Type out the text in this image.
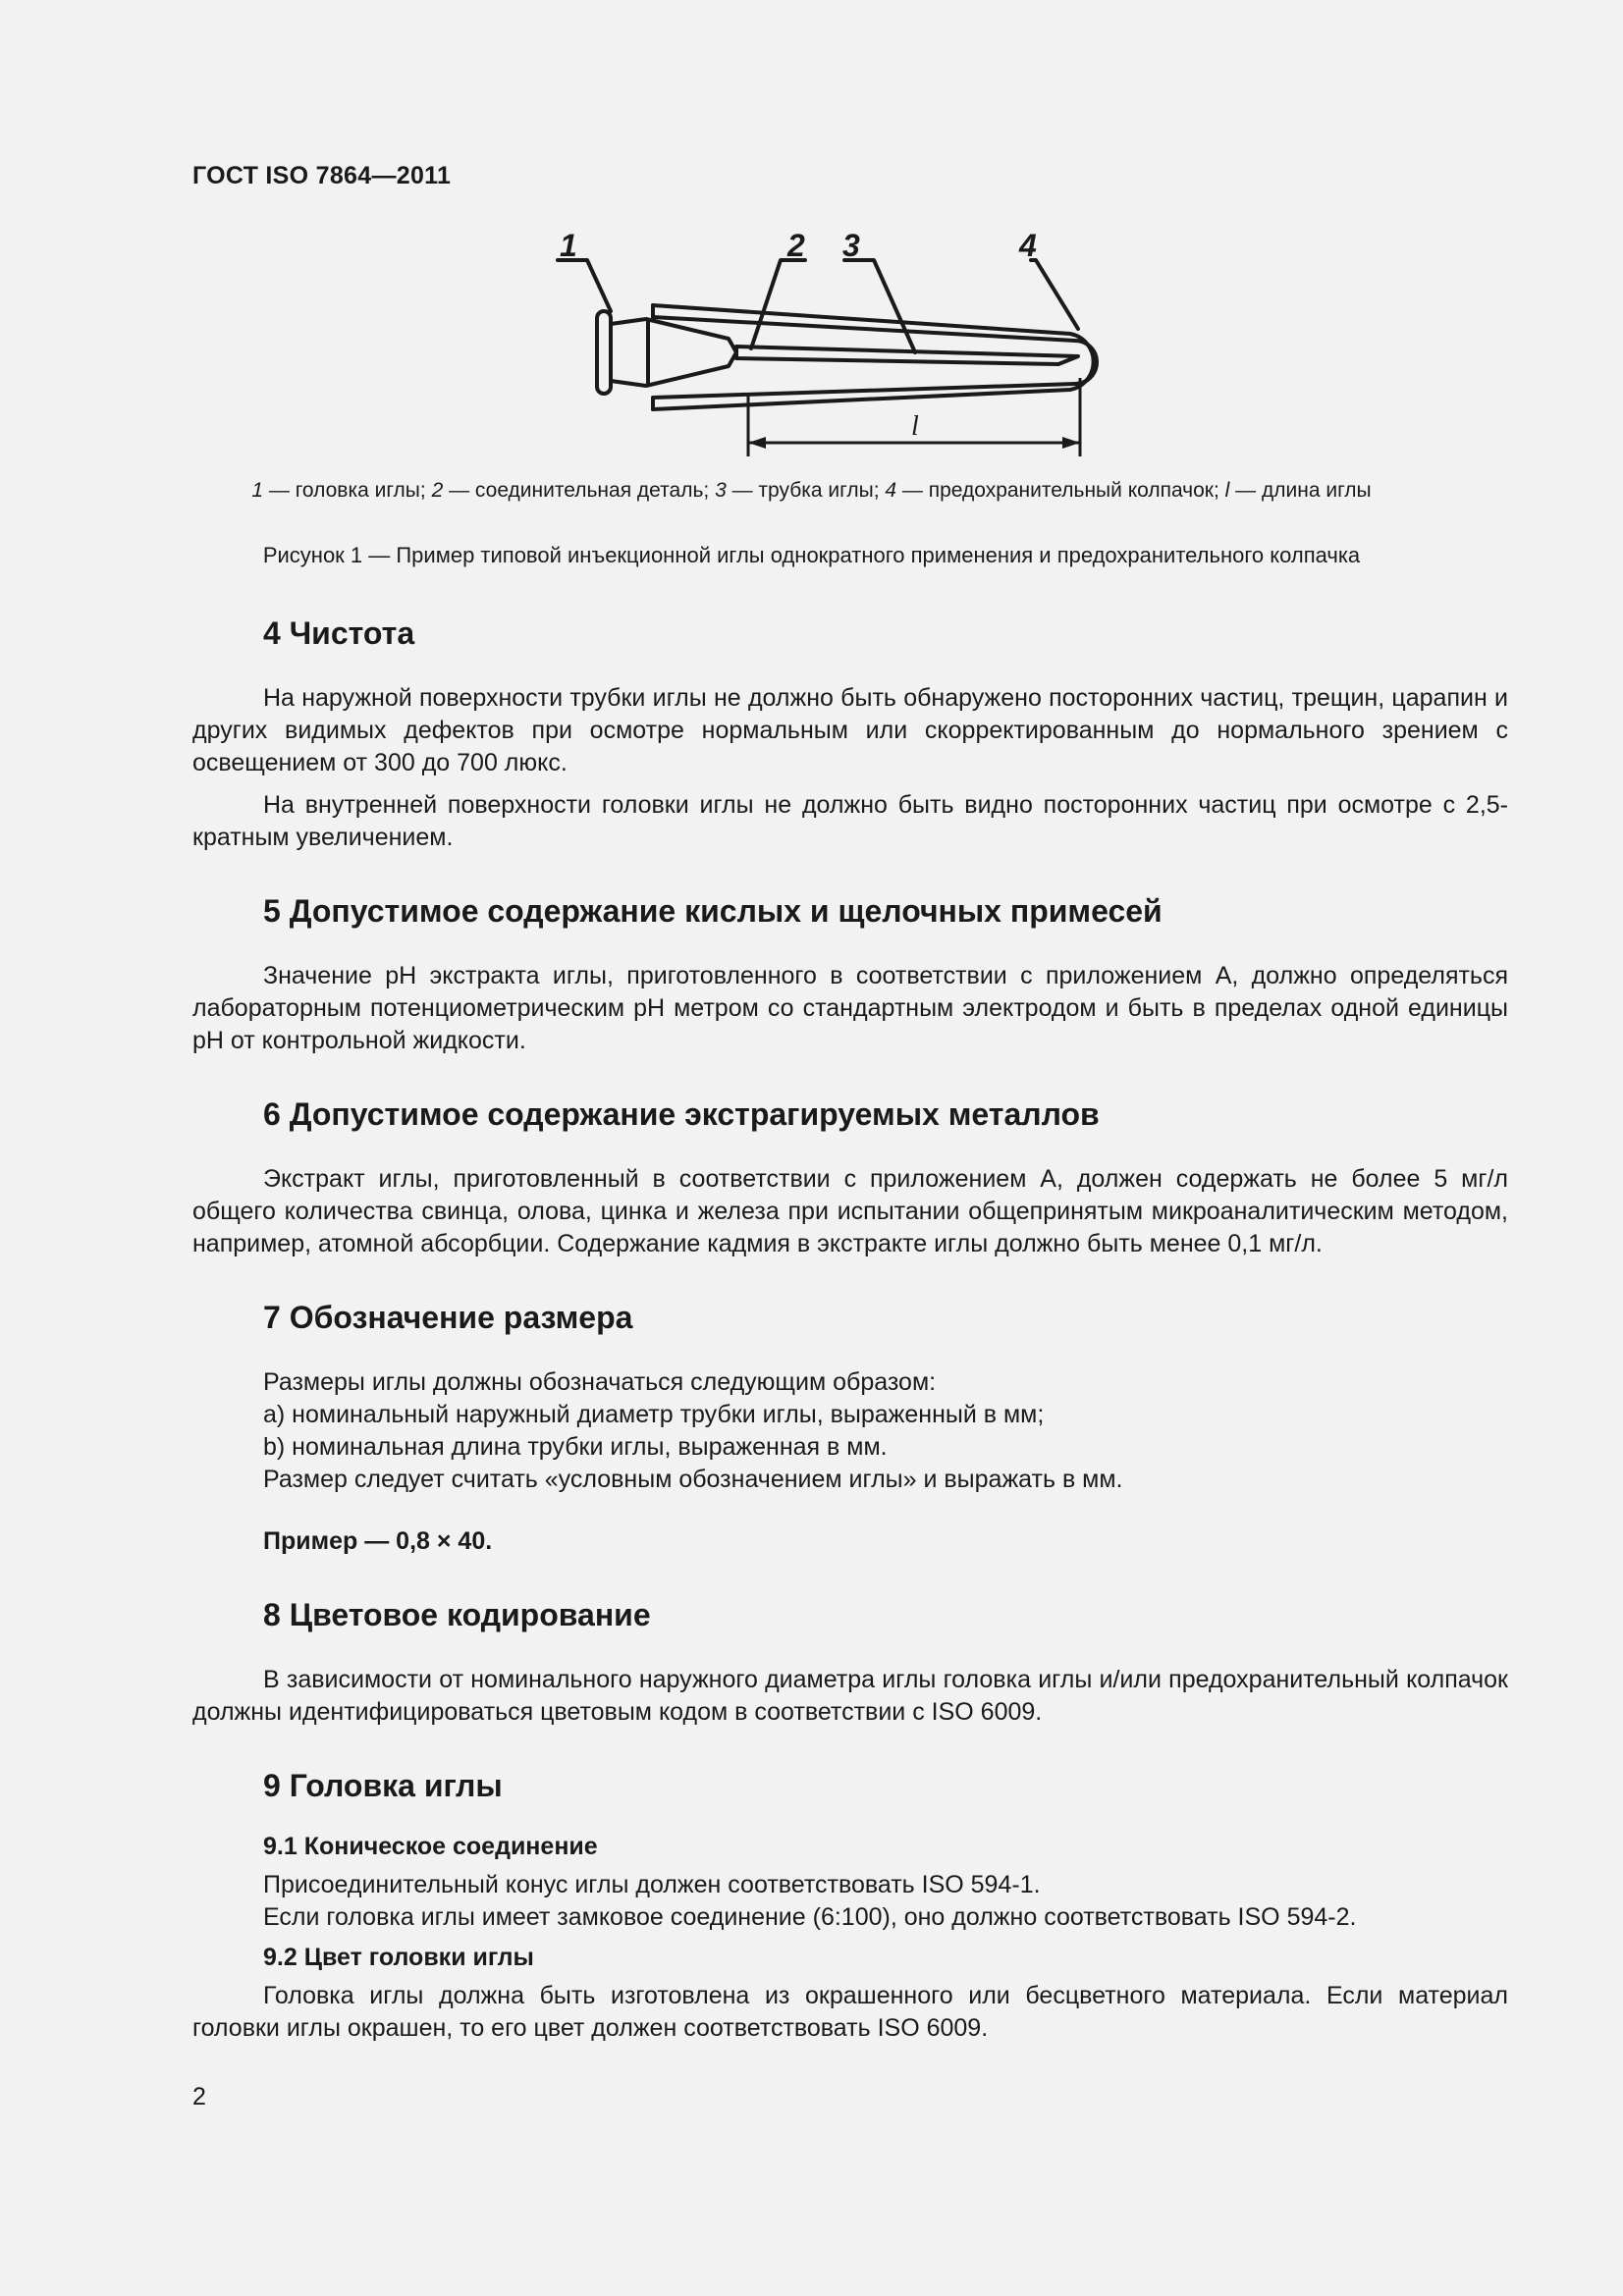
ГОСТ ISO 7864—2011
1	2 3	4
l
1 — головка иглы; 2 — соединительная деталь; 3 — трубка иглы; 4 — предохранительный колпачок; l — длина иглы
Рисунок 1 — Пример типовой инъекционной иглы однократного применения и предохранительного колпачка
4 Чистота

На наружной поверхности трубки иглы не должно быть обнаружено посторонних частиц, трещин, царапин и других видимых дефектов при осмотре нормальным или скорректированным до нормального зрением с освещением от 300 до 700 люкс.

На внутренней поверхности головки иглы не должно быть видно посторонних частиц при осмотре с 2,5-кратным увеличением.

5 Допустимое содержание кислых и щелочных примесей

Значение рН экстракта иглы, приготовленного в соответствии с приложением А, должно определяться лабораторным потенциометрическим рН метром со стандартным электродом и быть в пределах одной единицы рН от контрольной жидкости.

6 Допустимое содержание экстрагируемых металлов

Экстракт иглы, приготовленный в соответствии с приложением А, должен содержать не более 5 мг/л общего количества свинца, олова, цинка и железа при испытании общепринятым микроаналитическим методом, например, атомной абсорбции. Содержание кадмия в экстракте иглы должно быть менее 0,1 мг/л.

7 Обозначение размера

Размеры иглы должны обозначаться следующим образом:

a) номинальный наружный диаметр трубки иглы, выраженный в мм;

b) номинальная длина трубки иглы, выраженная в мм.

Размер следует считать «условным обозначением иглы» и выражать в мм.

Пример — 0,8 × 40.

8 Цветовое кодирование

В зависимости от номинального наружного диаметра иглы головка иглы и/или предохранительный колпачок должны идентифицироваться цветовым кодом в соответствии с ISO 6009.

9 Головка иглы
9.1 Коническое соединение

Присоединительный конус иглы должен соответствовать ISO 594-1.

Если головка иглы имеет замковое соединение (6:100), оно должно соответствовать ISO 594-2.

9.2 Цвет головки иглы

Головка иглы должна быть изготовлена из окрашенного или бесцветного материала. Если материал головки иглы окрашен, то его цвет должен соответствовать ISO 6009.

2
